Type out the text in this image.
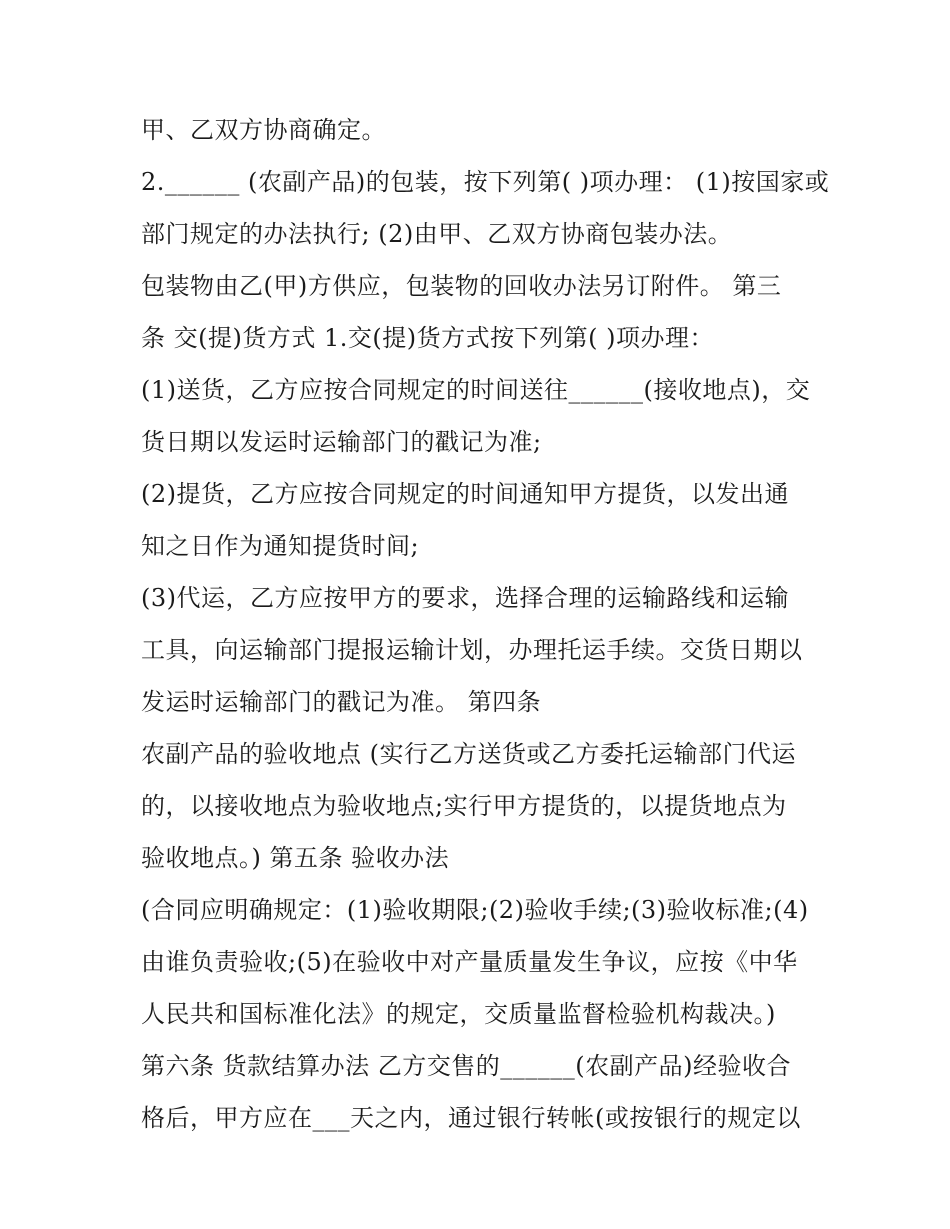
甲、乙双方协商确定。
2.______ (农副产品)的包装，按下列第( )项办理： (1)按国家或
部门规定的办法执行; (2)由甲、乙双方协商包装办法。
包装物由乙(甲)方供应，包装物的回收办法另订附件。 第三
条 交(提)货方式 1.交(提)货方式按下列第( )项办理：
(1)送货，乙方应按合同规定的时间送往______(接收地点)，交
货日期以发运时运输部门的戳记为准;
(2)提货，乙方应按合同规定的时间通知甲方提货，以发出通
知之日作为通知提货时间;
(3)代运，乙方应按甲方的要求，选择合理的运输路线和运输
工具，向运输部门提报运输计划，办理托运手续。交货日期以
发运时运输部门的戳记为准。 第四条
农副产品的验收地点 (实行乙方送货或乙方委托运输部门代运
的，以接收地点为验收地点;实行甲方提货的，以提货地点为
验收地点。) 第五条 验收办法
(合同应明确规定：(1)验收期限;(2)验收手续;(3)验收标准;(4)
由谁负责验收;(5)在验收中对产量质量发生争议，应按《中华
人民共和国标准化法》的规定，交质量监督检验机构裁决。)
第六条 货款结算办法 乙方交售的______(农副产品)经验收合
格后，甲方应在___天之内，通过银行转帐(或按银行的规定以
